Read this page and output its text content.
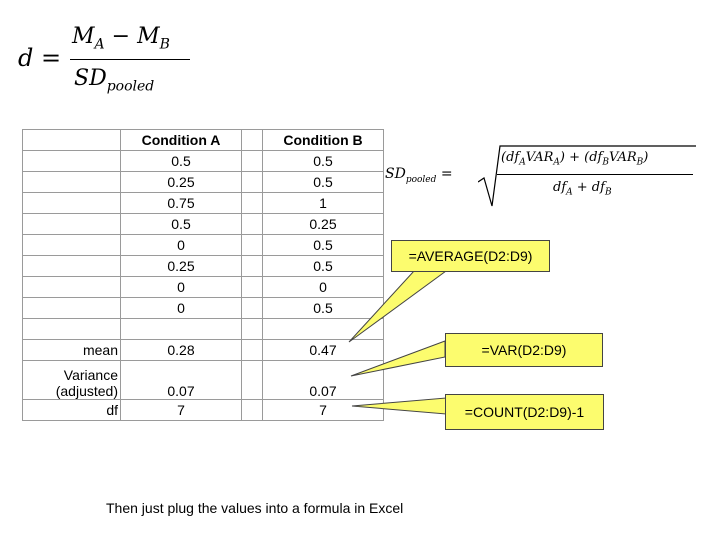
d =
$M_A - M_B$
$SD_{pooled}$
$SD_{pooled}$ =
$(df_AVAR_A) + (df_BVAR_B)$
$df_A + df_B$
	Condition A		Condition B
	0.5		0.5
	0.25		0.5
	0.75		1
	0.5		0.25
	0		0.5
	0.25		0.5
	0		0
	0		0.5

mean	0.28		0.47
Variance (adjusted)	0.07		0.07
df	7		7
=AVERAGE(D2:D9)
=VAR(D2:D9)
=COUNT(D2:D9)-1
Then just plug the values into a formula in Excel
